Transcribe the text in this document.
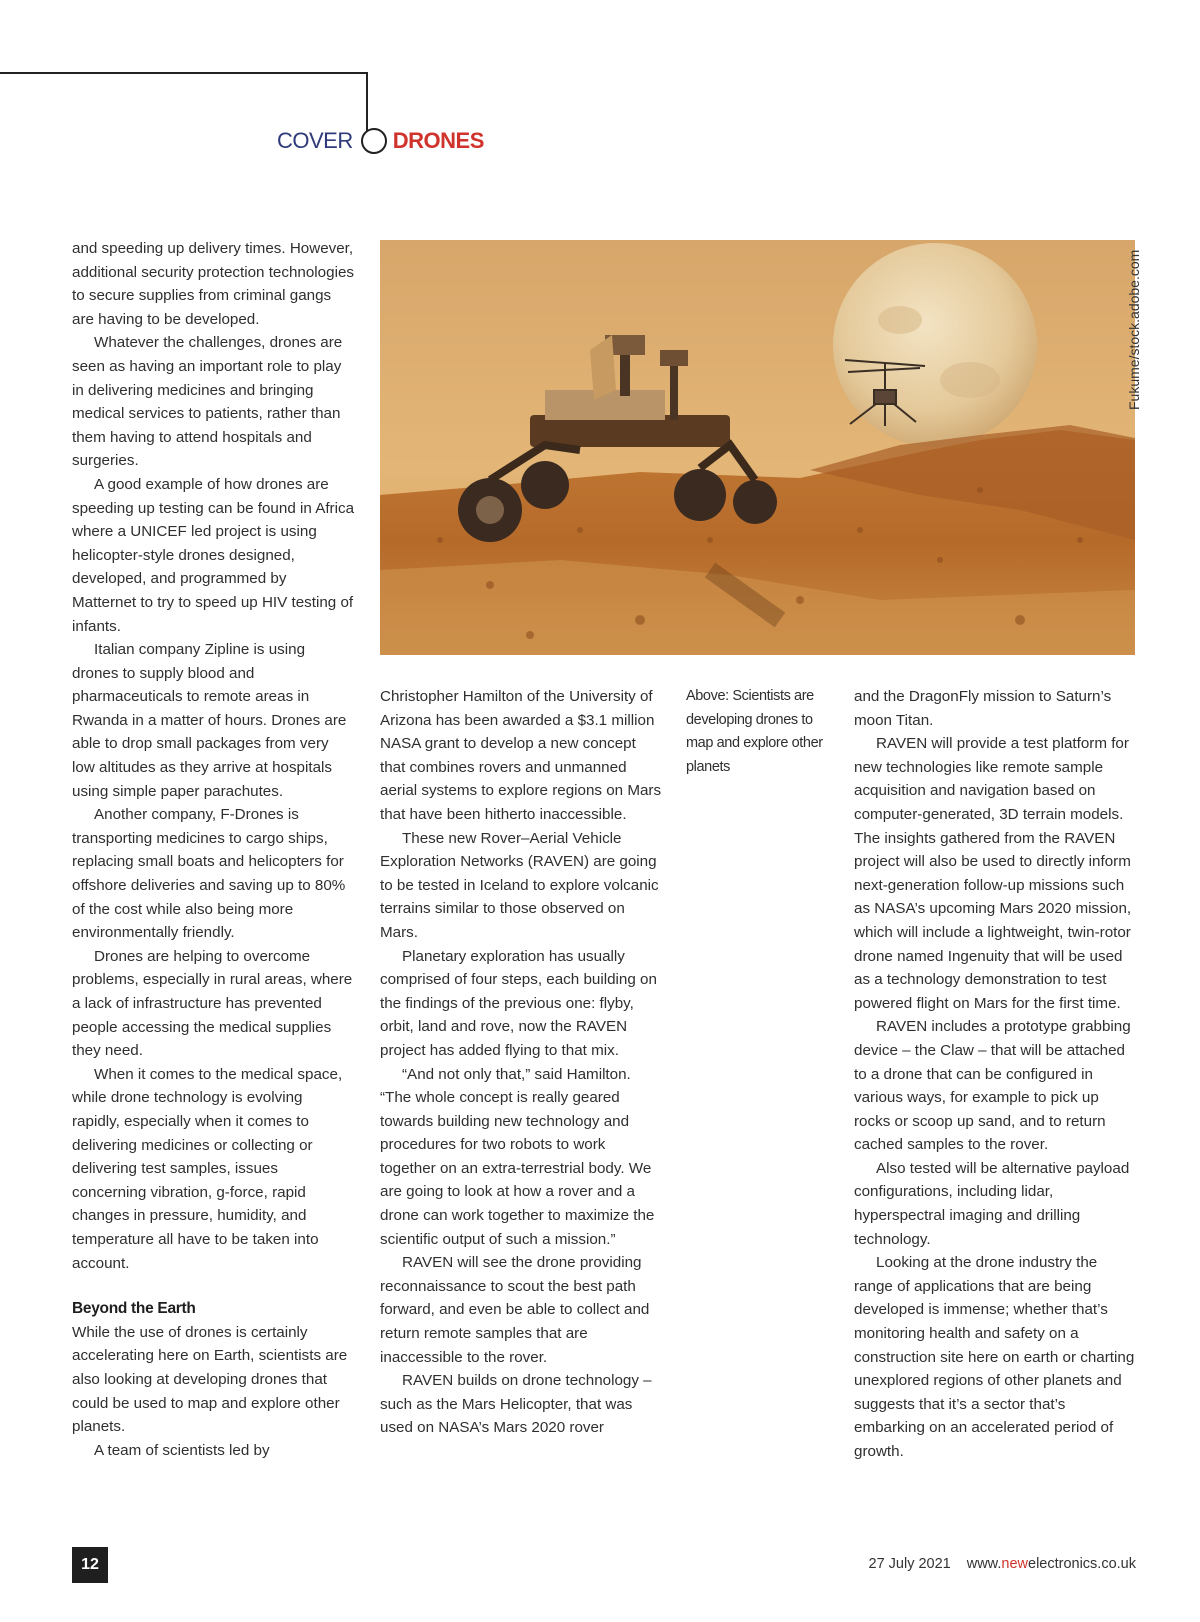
COVER DRONES

and speeding up delivery times. However, additional security protection technologies to secure supplies from criminal gangs are having to be developed.

Whatever the challenges, drones are seen as having an important role to play in delivering medicines and bringing medical services to patients, rather than them having to attend hospitals and surgeries.

A good example of how drones are speeding up testing can be found in Africa where a UNICEF led project is using helicopter-style drones designed, developed, and programmed by Matternet to try to speed up HIV testing of infants.

Italian company Zipline is using drones to supply blood and pharmaceuticals to remote areas in Rwanda in a matter of hours. Drones are able to drop small packages from very low altitudes as they arrive at hospitals using simple paper parachutes.

Another company, F-Drones is transporting medicines to cargo ships, replacing small boats and helicopters for offshore deliveries and saving up to 80% of the cost while also being more environmentally friendly.

Drones are helping to overcome problems, especially in rural areas, where a lack of infrastructure has prevented people accessing the medical supplies they need.

When it comes to the medical space, while drone technology is evolving rapidly, especially when it comes to delivering medicines or collecting or delivering test samples, issues concerning vibration, g-force, rapid changes in pressure, humidity, and temperature all have to be taken into account.

Beyond the Earth

While the use of drones is certainly accelerating here on Earth, scientists are also looking at developing drones that could be used to map and explore other planets.

A team of scientists led by

Fukume/stock.adobe.com

Christopher Hamilton of the University of Arizona has been awarded a $3.1 million NASA grant to develop a new concept that combines rovers and unmanned aerial systems to explore regions on Mars that have been hitherto inaccessible.

These new Rover–Aerial Vehicle Exploration Networks (RAVEN) are going to be tested in Iceland to explore volcanic terrains similar to those observed on Mars.

Planetary exploration has usually comprised of four steps, each building on the findings of the previous one: flyby, orbit, land and rove, now the RAVEN project has added flying to that mix.

“And not only that,” said Hamilton. “The whole concept is really geared towards building new technology and procedures for two robots to work together on an extra-terrestrial body. We are going to look at how a rover and a drone can work together to maximize the scientific output of such a mission.”

RAVEN will see the drone providing reconnaissance to scout the best path forward, and even be able to collect and return remote samples that are inaccessible to the rover.

RAVEN builds on drone technology – such as the Mars Helicopter, that was used on NASA’s Mars 2020 rover

Above: Scientists are developing drones to map and explore other planets

and the DragonFly mission to Saturn’s moon Titan.

RAVEN will provide a test platform for new technologies like remote sample acquisition and navigation based on computer-generated, 3D terrain models. The insights gathered from the RAVEN project will also be used to directly inform next-generation follow-up missions such as NASA’s upcoming Mars 2020 mission, which will include a lightweight, twin-rotor drone named Ingenuity that will be used as a technology demonstration to test powered flight on Mars for the first time.

RAVEN includes a prototype grabbing device – the Claw – that will be attached to a drone that can be configured in various ways, for example to pick up rocks or scoop up sand, and to return cached samples to the rover.

Also tested will be alternative payload configurations, including lidar, hyperspectral imaging and drilling technology.

Looking at the drone industry the range of applications that are being developed is immense; whether that’s monitoring health and safety on a construction site here on earth or charting unexplored regions of other planets and suggests that it’s a sector that’s embarking on an accelerated period of growth.

12	27 July 2021 www.newelectronics.co.uk
